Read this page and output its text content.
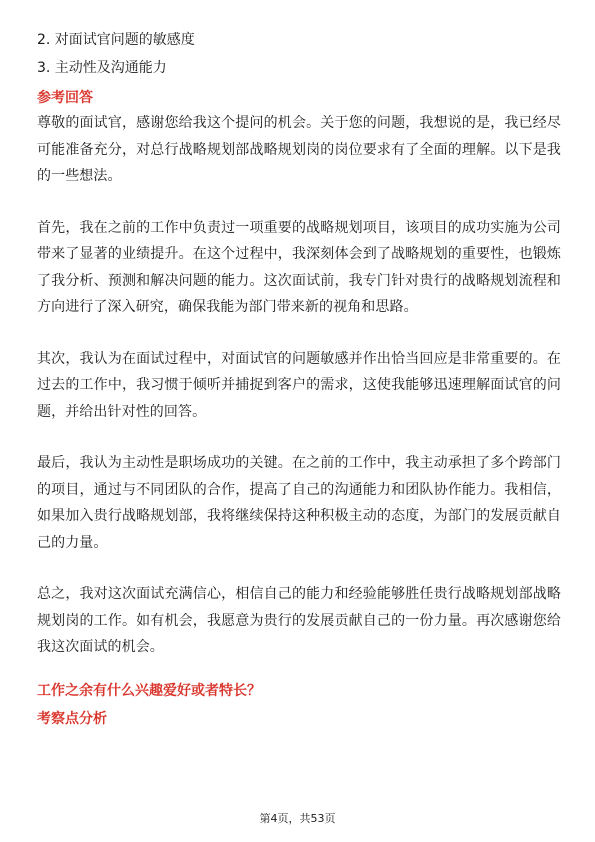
2. 对面试官问题的敏感度

3. 主动性及沟通能力

参考回答

尊敬的面试官，感谢您给我这个提问的机会。关于您的问题，我想说的是，我已经尽可能准备充分，对总行战略规划部战略规划岗的岗位要求有了全面的理解。以下是我的一些想法。

首先，我在之前的工作中负责过一项重要的战略规划项目，该项目的成功实施为公司带来了显著的业绩提升。在这个过程中，我深刻体会到了战略规划的重要性，也锻炼了我分析、预测和解决问题的能力。这次面试前，我专门针对贵行的战略规划流程和方向进行了深入研究，确保我能为部门带来新的视角和思路。

其次，我认为在面试过程中，对面试官的问题敏感并作出恰当回应是非常重要的。在过去的工作中，我习惯于倾听并捕捉到客户的需求，这使我能够迅速理解面试官的问题，并给出针对性的回答。

最后，我认为主动性是职场成功的关键。在之前的工作中，我主动承担了多个跨部门的项目，通过与不同团队的合作，提高了自己的沟通能力和团队协作能力。我相信，如果加入贵行战略规划部，我将继续保持这种积极主动的态度，为部门的发展贡献自己的力量。

总之，我对这次面试充满信心，相信自己的能力和经验能够胜任贵行战略规划部战略规划岗的工作。如有机会，我愿意为贵行的发展贡献自己的一份力量。再次感谢您给我这次面试的机会。

工作之余有什么兴趣爱好或者特长？

考察点分析

第4页，共53页
